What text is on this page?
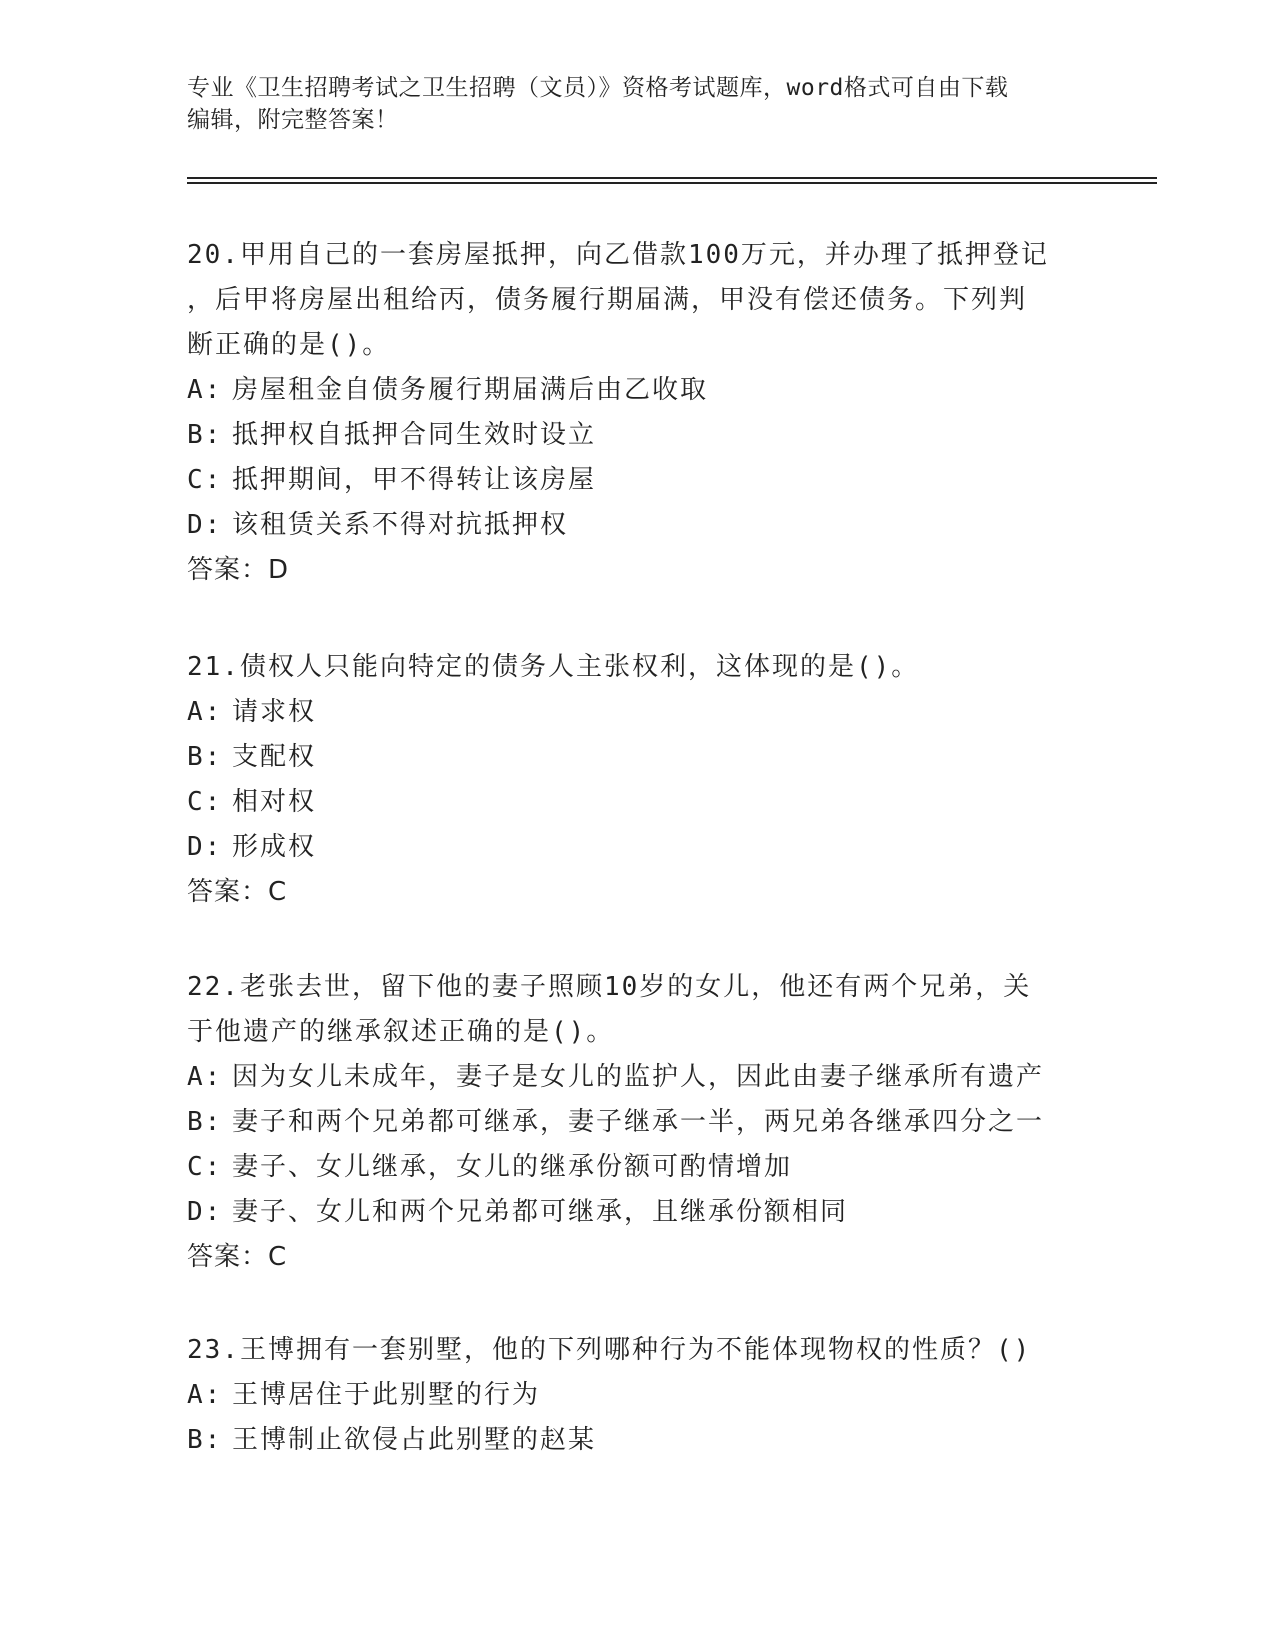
专业《卫生招聘考试之卫生招聘（文员）》资格考试题库，word格式可自由下载
编辑，附完整答案！
20.甲用自己的一套房屋抵押，向乙借款100万元，并办理了抵押登记
，后甲将房屋出租给丙，债务履行期届满，甲没有偿还债务。下列判
断正确的是()。
A: 房屋租金自债务履行期届满后由乙收取
B: 抵押权自抵押合同生效时设立
C: 抵押期间，甲不得转让该房屋
D: 该租赁关系不得对抗抵押权
答案：D
21.债权人只能向特定的债务人主张权利，这体现的是()。
A: 请求权
B: 支配权
C: 相对权
D: 形成权
答案：C
22.老张去世，留下他的妻子照顾10岁的女儿，他还有两个兄弟，关
于他遗产的继承叙述正确的是()。
A: 因为女儿未成年，妻子是女儿的监护人，因此由妻子继承所有遗产
B: 妻子和两个兄弟都可继承，妻子继承一半，两兄弟各继承四分之一
C: 妻子、女儿继承，女儿的继承份额可酌情增加
D: 妻子、女儿和两个兄弟都可继承，且继承份额相同
答案：C
23.王博拥有一套别墅，他的下列哪种行为不能体现物权的性质？()
A: 王博居住于此别墅的行为
B: 王博制止欲侵占此别墅的赵某
